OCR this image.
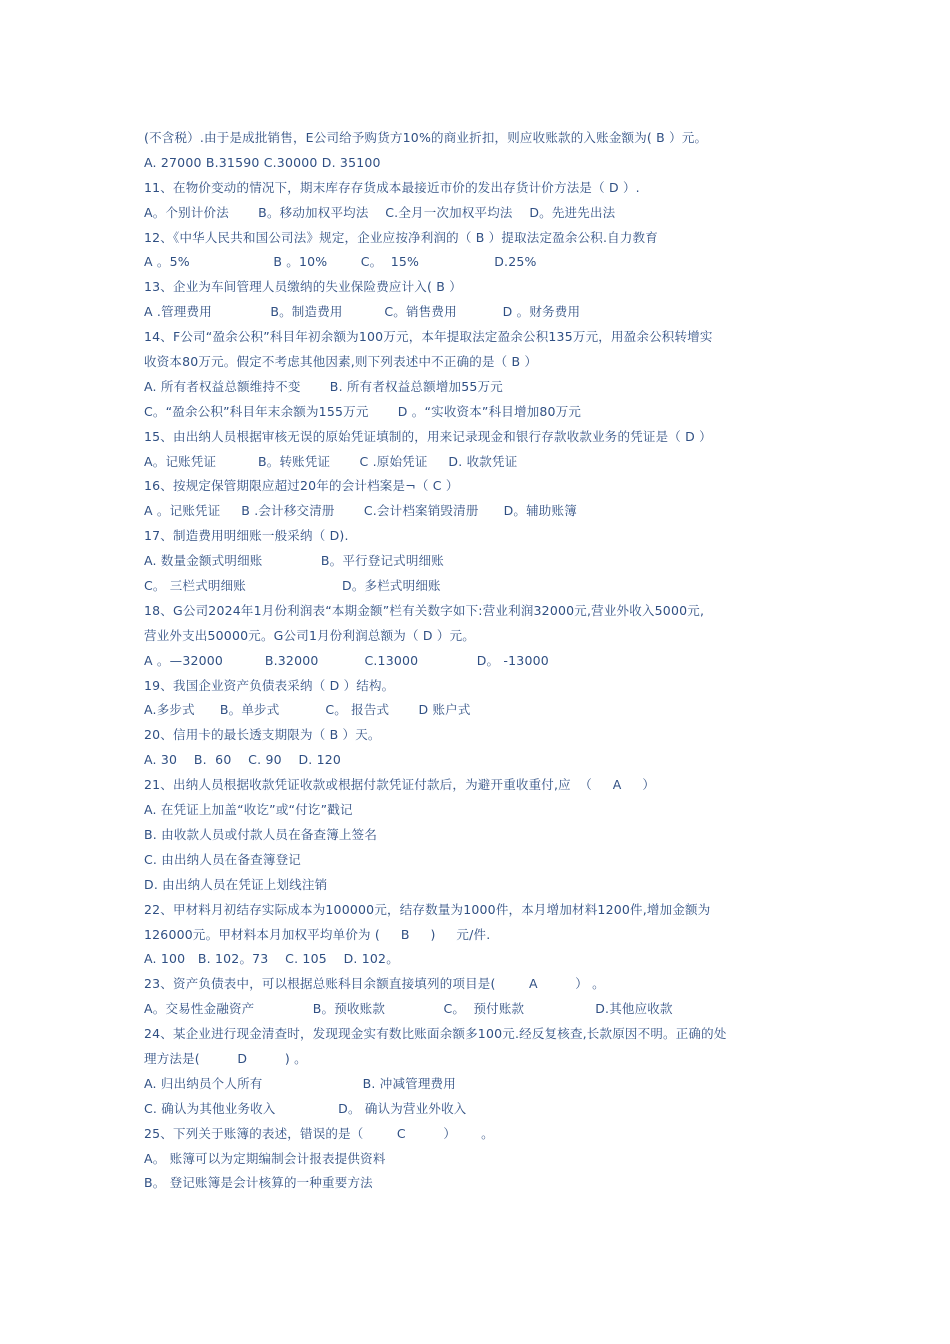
(不含税）.由于是成批销售，E公司给予购货方10%的商业折扣，则应收账款的入账金额为( B ）元。
A. 27000 B.31590 C.30000 D. 35100
11、在物价变动的情况下，期末库存存货成本最接近市价的发出存货计价方法是（ D ）.
A。个别计价法       B。移动加权平均法    C.全月一次加权平均法    D。先进先出法
12、《中华人民共和国公司法》规定，企业应按净利润的（ B ）提取法定盈余公积.自力教育
A 。5%                    B 。10%        C。  15%                  D.25%
13、企业为车间管理人员缴纳的失业保险费应计入( B ）
A .管理费用              B。制造费用          C。销售费用           D 。财务费用
14、F公司“盈余公积”科目年初余额为100万元，本年提取法定盈余公积135万元，用盈余公积转增实
收资本80万元。假定不考虑其他因素,则下列表述中不正确的是（ B ）
A. 所有者权益总额维持不变       B. 所有者权益总额增加55万元
C。“盈余公积”科目年末余额为155万元       D 。“实收资本”科目增加80万元
15、由出纳人员根据审核无误的原始凭证填制的，用来记录现金和银行存款收款业务的凭证是（ D ）
A。记账凭证          B。转账凭证       C .原始凭证     D. 收款凭证
16、按规定保管期限应超过20年的会计档案是¬（ C ）
A 。记账凭证     B .会计移交清册       C.会计档案销毁清册      D。辅助账簿
17、制造费用明细账一般采纳（ D).
A. 数量金额式明细账              B。平行登记式明细账
C。 三栏式明细账                       D。多栏式明细账
18、G公司2024年1月份利润表“本期金额”栏有关数字如下:营业利润32000元,营业外收入5000元,
营业外支出50000元。G公司1月份利润总额为（ D ）元。
A 。—32000          B.32000           C.13000              D。 -13000
19、我国企业资产负债表采纳（ D ）结构。
A.多步式      B。单步式           C。 报告式       D 账户式
20、信用卡的最长透支期限为（ B ）天。
A. 30    B.  60    C. 90    D. 120
21、出纳人员根据收款凭证收款或根据付款凭证付款后，为避开重收重付,应  （     A     ）
A. 在凭证上加盖“收讫”或“付讫”戳记
B. 由收款人员或付款人员在备查簿上签名
C. 由出纳人员在备查簿登记
D. 由出纳人员在凭证上划线注销
22、甲材料月初结存实际成本为100000元，结存数量为1000件，本月增加材料1200件,增加金额为
126000元。甲材料本月加权平均单价为 (     B     )     元/件.
A. 100   B. 102。73    C. 105    D. 102。
23、资产负债表中，可以根据总账科目余额直接填列的项目是(        A         ） 。
A。交易性金融资产              B。预收账款              C。  预付账款                 D.其他应收款
24、某企业进行现金清查时，发现现金实有数比账面余额多100元.经反复核查,长款原因不明。正确的处
理方法是(         D         ) 。
A. 归出纳员个人所有                        B. 冲减管理费用
C. 确认为其他业务收入               D。 确认为营业外收入
25、下列关于账簿的表述，错误的是（        C         ）      。
A。 账簿可以为定期编制会计报表提供资料
B。 登记账簿是会计核算的一种重要方法
